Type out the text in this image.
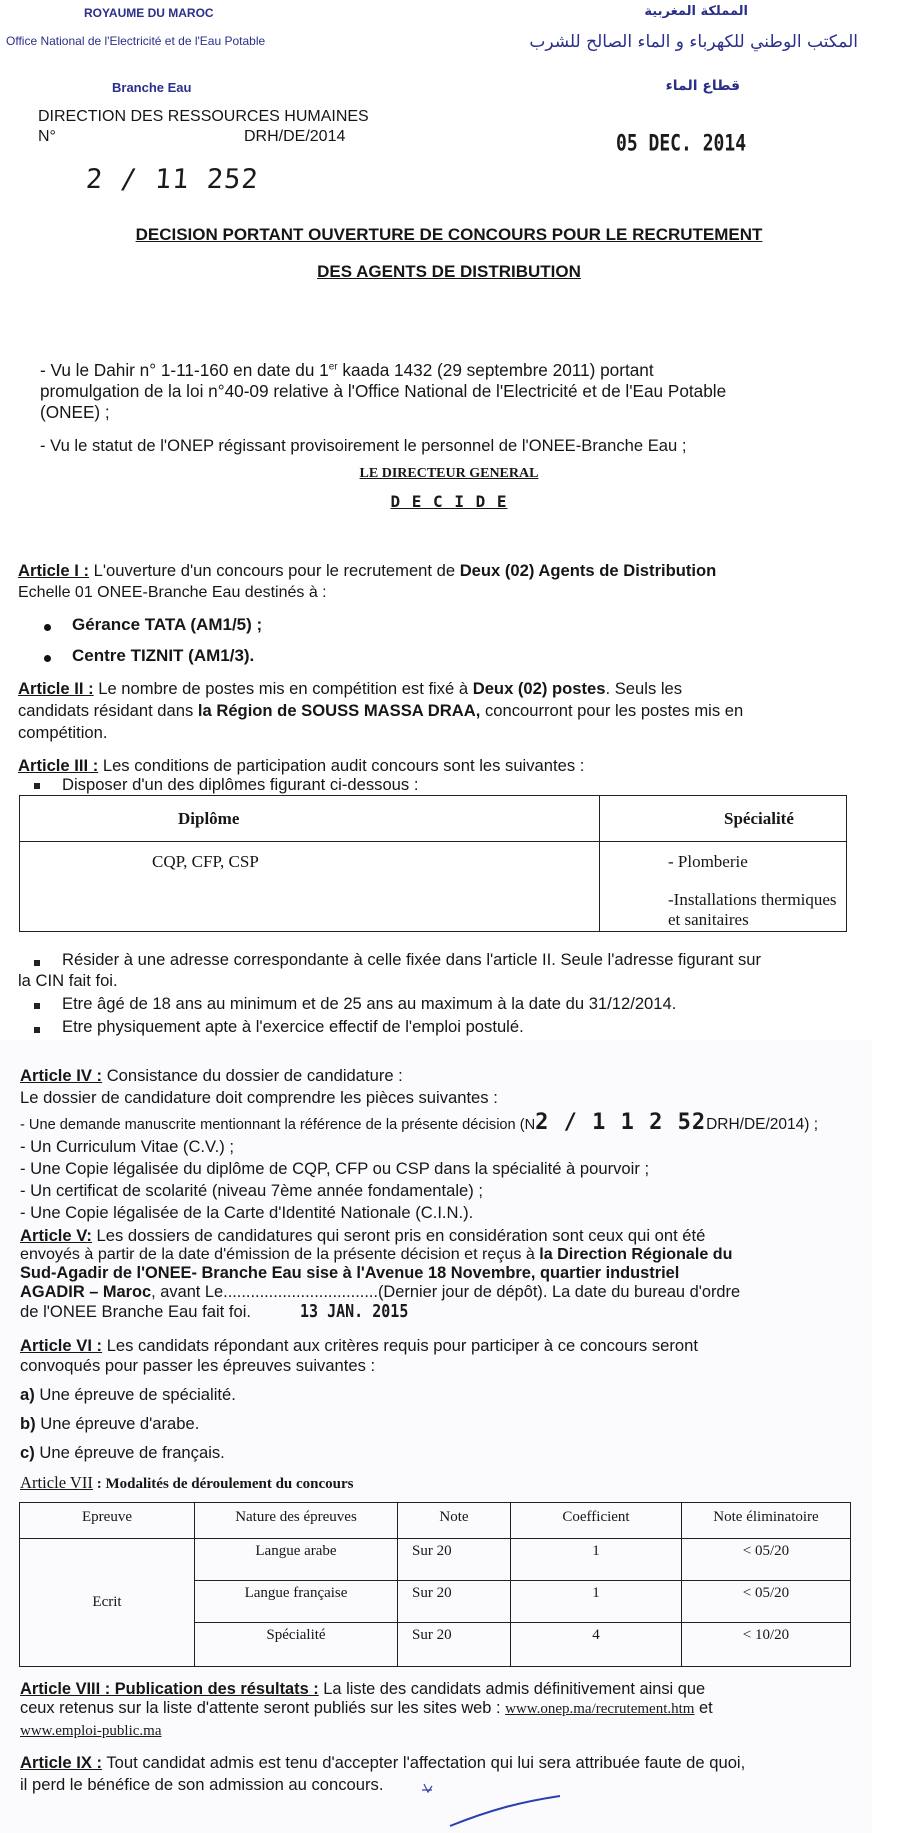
ROYAUME DU MAROC
Office National de l'Electricité et de l'Eau Potable
المملكة المغربية
المكتب الوطني للكهرباء و الماء الصالح للشرب
Branche Eau	قطاع الماء
DIRECTION DES RESSOURCES HUMAINES
N°	DRH/DE/2014
2 / 11 252
05 DEC. 2014
DECISION PORTANT OUVERTURE DE CONCOURS POUR LE RECRUTEMENT
DES AGENTS DE DISTRIBUTION
- Vu le Dahir n° 1-11-160 en date du 1er kaada 1432 (29 septembre 2011) portant
promulgation de la loi n°40-09 relative à l'Office National de l'Electricité et de l'Eau Potable
(ONEE) ;
- Vu le statut de l'ONEP régissant provisoirement le personnel de l'ONEE-Branche Eau ;
LE DIRECTEUR GENERAL
D E C I D E
Article I : L'ouverture d'un concours pour le recrutement de Deux (02) Agents de Distribution
Echelle 01 ONEE-Branche Eau destinés à :
Gérance TATA (AM1/5) ;
Centre TIZNIT (AM1/3).
Article II : Le nombre de postes mis en compétition est fixé à Deux (02) postes. Seuls les
candidats résidant dans la Région de SOUSS MASSA DRAA, concourront pour les postes mis en
compétition.
Article III : Les conditions de participation audit concours sont les suivantes :
Disposer d'un des diplômes figurant ci-dessous :
Diplôme	Spécialité
CQP, CFP, CSP	- Plomberie
-Installations thermiques et sanitaires
Résider à une adresse correspondante à celle fixée dans l'article II. Seule l'adresse figurant sur
la CIN fait foi.
Etre âgé de 18 ans au minimum et de 25 ans au maximum à la date du 31/12/2014.
Etre physiquement apte à l'exercice effectif de l'emploi postulé.
Article IV : Consistance du dossier de candidature :
Le dossier de candidature doit comprendre les pièces suivantes :
- Une demande manuscrite mentionnant la référence de la présente décision (N2 / 1 1 2 52DRH/DE/2014) ;
- Un Curriculum Vitae (C.V.) ;
- Une Copie légalisée du diplôme de CQP, CFP ou CSP dans la spécialité à pourvoir ;
- Un certificat de scolarité (niveau 7ème année fondamentale) ;
- Une Copie légalisée de la Carte d'Identité Nationale (C.I.N.).
Article V: Les dossiers de candidatures qui seront pris en considération sont ceux qui ont été
envoyés à partir de la date d'émission de la présente décision et reçus à la Direction Régionale du
Sud-Agadir de l'ONEE- Branche Eau sise à l'Avenue 18 Novembre, quartier industriel
AGADIR – Maroc, avant Le..................................(Dernier jour de dépôt). La date du bureau d'ordre
de l'ONEE Branche Eau fait foi.	13 JAN. 2015
Article VI : Les candidats répondant aux critères requis pour participer à ce concours seront
convoqués pour passer les épreuves suivantes :
a) Une épreuve de spécialité.
b) Une épreuve d'arabe.
c) Une épreuve de français.
Article VII : Modalités de déroulement du concours
Epreuve	Nature des épreuves	Note	Coefficient	Note éliminatoire
Ecrit	Langue arabe	Sur 20	1	< 05/20
	Langue française	Sur 20	1	< 05/20
	Spécialité	Sur 20	4	< 10/20
Article VIII : Publication des résultats : La liste des candidats admis définitivement ainsi que
ceux retenus sur la liste d'attente seront publiés sur les sites web : www.onep.ma/recrutement.htm et
www.emploi-public.ma
Article IX : Tout candidat admis est tenu d'accepter l'affectation qui lui sera attribuée faute de quoi,
il perd le bénéfice de son admission au concours.
